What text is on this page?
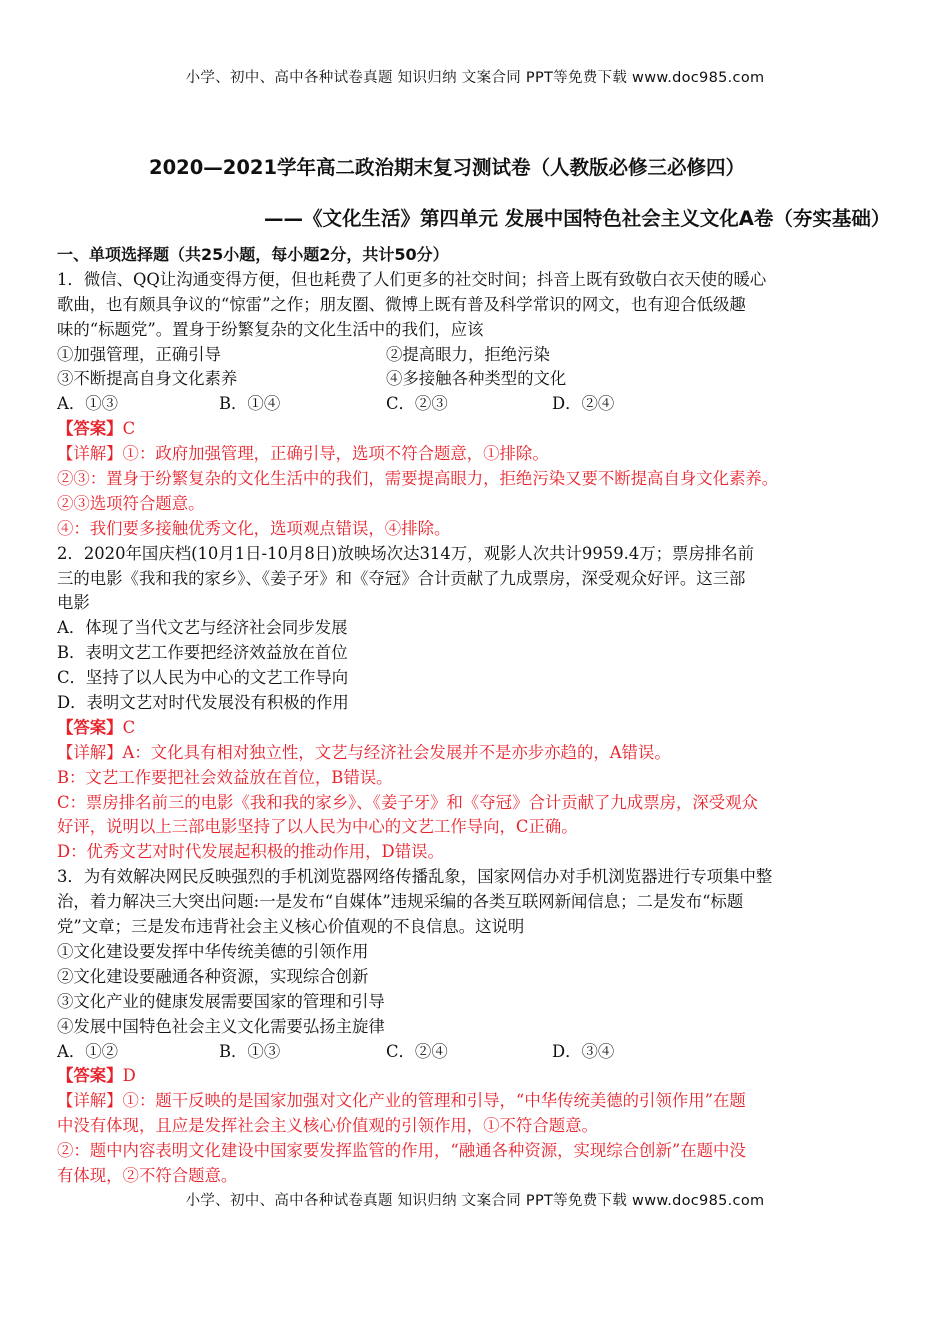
小学、初中、高中各种试卷真题 知识归纳 文案合同 PPT等免费下载 www.doc985.com
2020—2021学年高二政治期末复习测试卷（人教版必修三必修四）
——《文化生活》第四单元 发展中国特色社会主义文化A卷（夯实基础）
一、单项选择题（共25小题，每小题2分，共计50分）
1．微信、QQ让沟通变得方便，但也耗费了人们更多的社交时间；抖音上既有致敬白衣天使的暖心
歌曲，也有颇具争议的“惊雷”之作；朋友圈、微博上既有普及科学常识的网文，也有迎合低级趣
味的“标题党”。置身于纷繁复杂的文化生活中的我们，应该
①加强管理，正确引导	②提高眼力，拒绝污染
③不断提高自身文化素养	④多接触各种类型的文化
A．①③	B．①④	C．②③	D．②④
【答案】C
【详解】①：政府加强管理，正确引导，选项不符合题意，①排除。
②③：置身于纷繁复杂的文化生活中的我们，需要提高眼力，拒绝污染又要不断提高自身文化素养。
②③选项符合题意。
④：我们要多接触优秀文化，选项观点错误，④排除。
2．2020年国庆档(10月1日-10月8日)放映场次达314万，观影人次共计9959.4万；票房排名前
三的电影《我和我的家乡》、《姜子牙》和《夺冠》合计贡献了九成票房，深受观众好评。这三部
电影
A．体现了当代文艺与经济社会同步发展
B．表明文艺工作要把经济效益放在首位
C．坚持了以人民为中心的文艺工作导向
D．表明文艺对时代发展没有积极的作用
【答案】C
【详解】A：文化具有相对独立性，文艺与经济社会发展并不是亦步亦趋的，A错误。
B：文艺工作要把社会效益放在首位，B错误。
C：票房排名前三的电影《我和我的家乡》、《姜子牙》和《夺冠》合计贡献了九成票房，深受观众
好评，说明以上三部电影坚持了以人民为中心的文艺工作导向，C正确。
D：优秀文艺对时代发展起积极的推动作用，D错误。
3．为有效解决网民反映强烈的手机浏览器网络传播乱象，国家网信办对手机浏览器进行专项集中整
治，着力解决三大突出问题:一是发布“自媒体”违规采编的各类互联网新闻信息；二是发布“标题
党”文章；三是发布违背社会主义核心价值观的不良信息。这说明
①文化建设要发挥中华传统美德的引领作用
②文化建设要融通各种资源，实现综合创新
③文化产业的健康发展需要国家的管理和引导
④发展中国特色社会主义文化需要弘扬主旋律
A．①②	B．①③	C．②④	D．③④
【答案】D
【详解】①：题干反映的是国家加强对文化产业的管理和引导，“中华传统美德的引领作用”在题
中没有体现，且应是发挥社会主义核心价值观的引领作用，①不符合题意。
②：题中内容表明文化建设中国家要发挥监管的作用，“融通各种资源，实现综合创新”在题中没
有体现，②不符合题意。
小学、初中、高中各种试卷真题 知识归纳 文案合同 PPT等免费下载 www.doc985.com
